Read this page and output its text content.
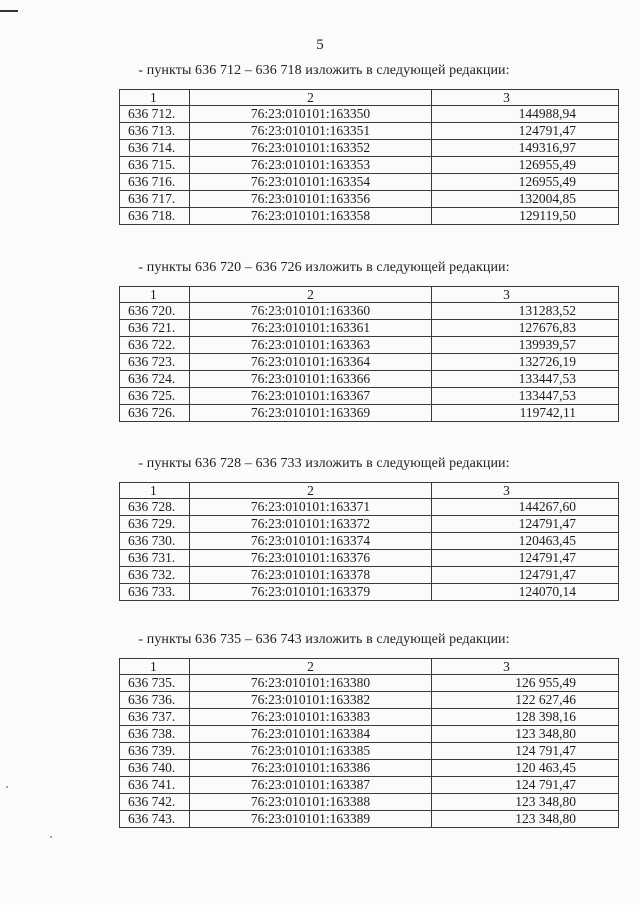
5

- пункты 636 712 – 636 718 изложить в следующей редакции:

1	2	3
636 712.	76:23:010101:163350	144988,94
636 713.	76:23:010101:163351	124791,47
636 714.	76:23:010101:163352	149316,97
636 715.	76:23:010101:163353	126955,49
636 716.	76:23:010101:163354	126955,49
636 717.	76:23:010101:163356	132004,85
636 718.	76:23:010101:163358	129119,50

- пункты 636 720 – 636 726 изложить в следующей редакции:

1	2	3
636 720.	76:23:010101:163360	131283,52
636 721.	76:23:010101:163361	127676,83
636 722.	76:23:010101:163363	139939,57
636 723.	76:23:010101:163364	132726,19
636 724.	76:23:010101:163366	133447,53
636 725.	76:23:010101:163367	133447,53
636 726.	76:23:010101:163369	119742,11

- пункты 636 728 – 636 733 изложить в следующей редакции:

1	2	3
636 728.	76:23:010101:163371	144267,60
636 729.	76:23:010101:163372	124791,47
636 730.	76:23:010101:163374	120463,45
636 731.	76:23:010101:163376	124791,47
636 732.	76:23:010101:163378	124791,47
636 733.	76:23:010101:163379	124070,14

- пункты 636 735 – 636 743 изложить в следующей редакции:

1	2	3
636 735.	76:23:010101:163380	126 955,49
636 736.	76:23:010101:163382	122 627,46
636 737.	76:23:010101:163383	128 398,16
636 738.	76:23:010101:163384	123 348,80
636 739.	76:23:010101:163385	124 791,47
636 740.	76:23:010101:163386	120 463,45
636 741.	76:23:010101:163387	124 791,47
636 742.	76:23:010101:163388	123 348,80
636 743.	76:23:010101:163389	123 348,80
